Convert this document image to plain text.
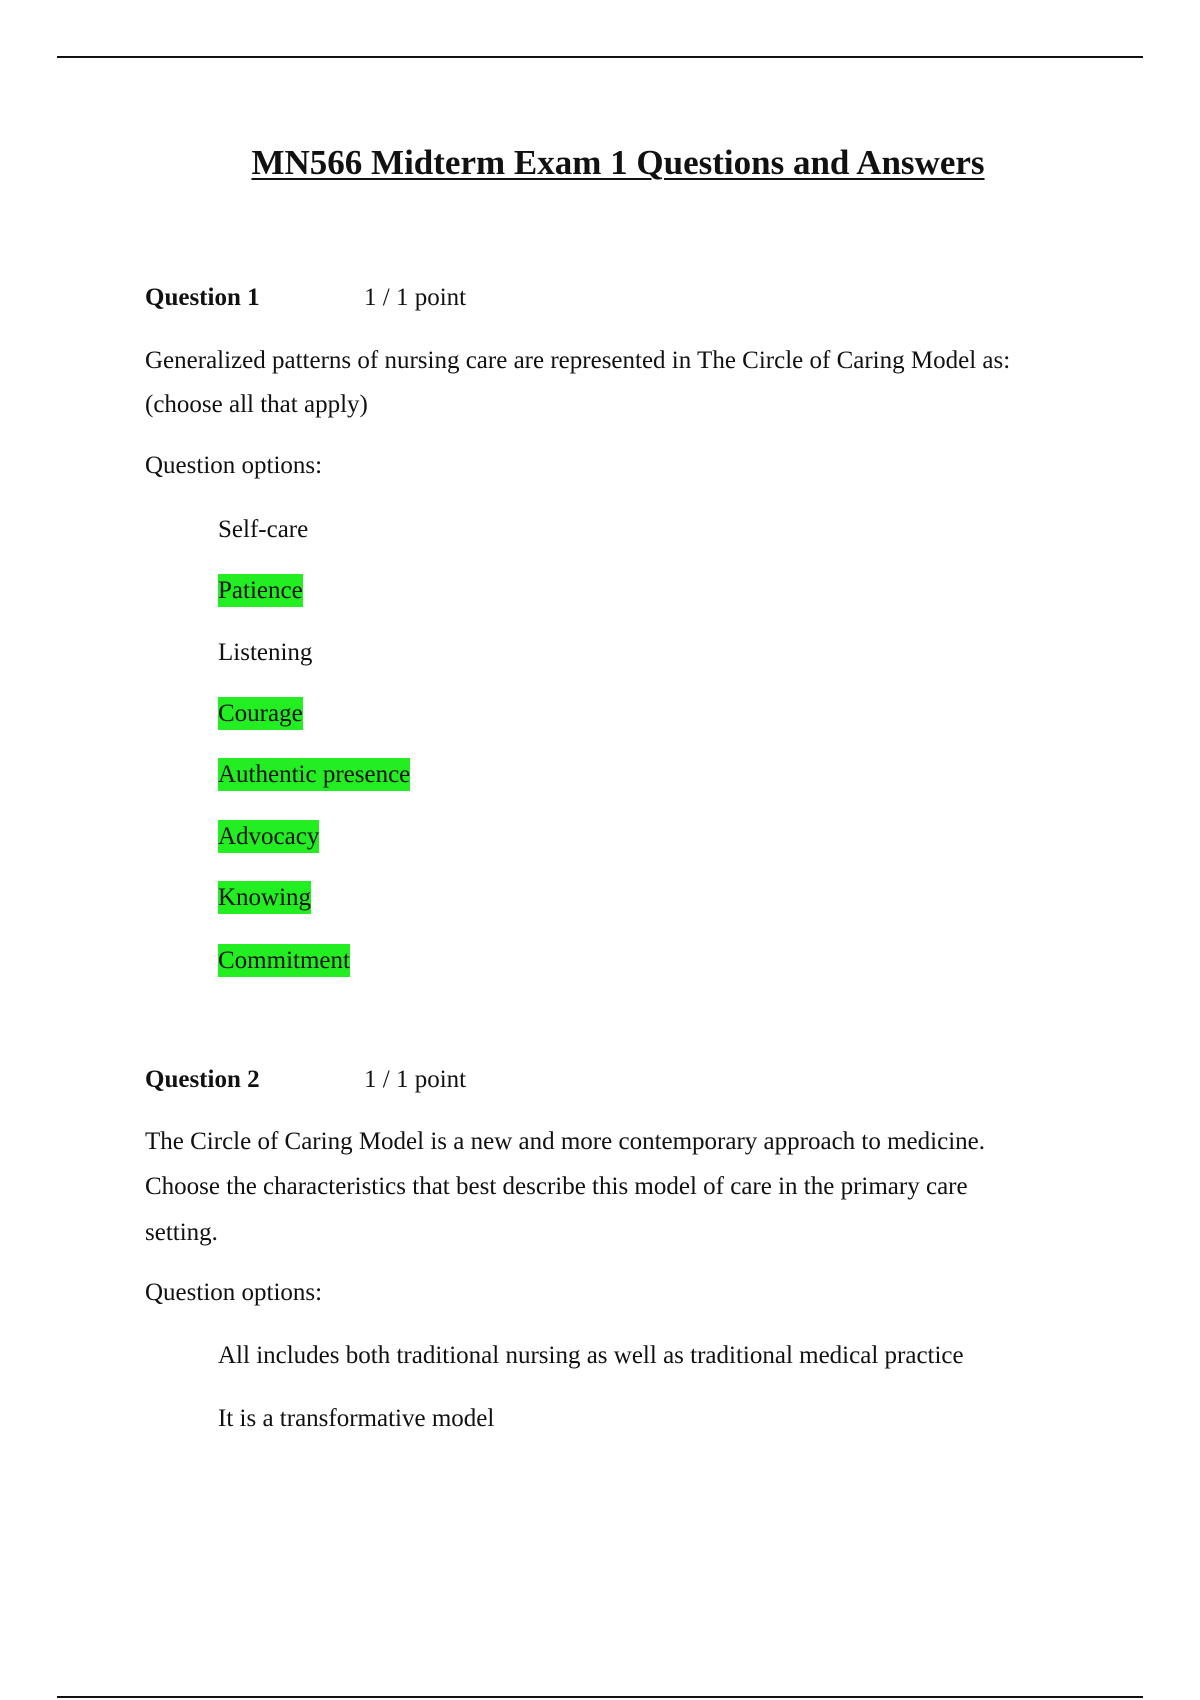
MN566 Midterm Exam 1 Questions and Answers
Question 1	1 / 1 point
Generalized patterns of nursing care are represented in The Circle of Caring Model as:
(choose all that apply)
Question options:
Self-care
Patience
Listening
Courage
Authentic presence
Advocacy
Knowing
Commitment
Question 2	1 / 1 point
The Circle of Caring Model is a new and more contemporary approach to medicine.
Choose the characteristics that best describe this model of care in the primary care
setting.
Question options:
All includes both traditional nursing as well as traditional medical practice
It is a transformative model
